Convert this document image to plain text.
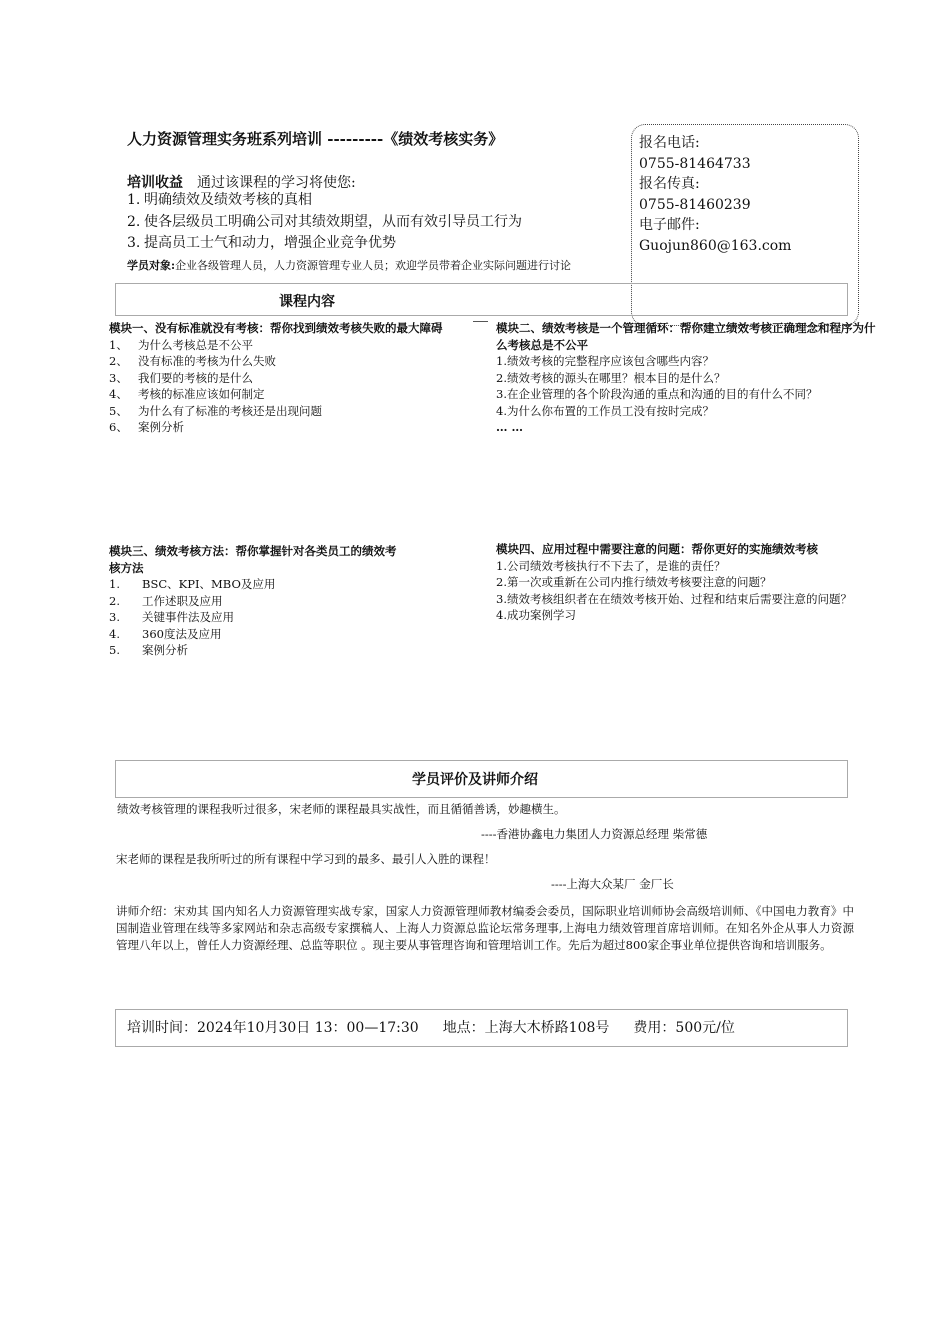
人力资源管理实务班系列培训 ---------《绩效考核实务》	报名电话:
0755-81464733
报名传真:
0755-81460239
电子邮件:
Guojun860@163.com
培训收益 通过该课程的学习将使您:
1. 明确绩效及绩效考核的真相
2. 使各层级员工明确公司对其绩效期望，从而有效引导员工行为
3. 提高员工士气和动力，增强企业竞争优势
学员对象:企业各级管理人员，人力资源管理专业人员；欢迎学员带着企业实际问题进行讨论
课程内容
模块一、没有标准就没有考核：帮你找到绩效考核失败的最大障碍
1、 为什么考核总是不公平
2、 没有标准的考核为什么失败
3、 我们要的考核的是什么
4、 考核的标准应该如何制定
5、 为什么有了标准的考核还是出现问题
6、 案例分析
模块二、绩效考核是一个管理循环：帮你建立绩效考核正确理念和程序为什么考核总是不公平
1.绩效考核的完整程序应该包含哪些内容？
2.绩效考核的源头在哪里？根本目的是什么？
3.在企业管理的各个阶段沟通的重点和沟通的目的有什么不同？
4.为什么你布置的工作员工没有按时完成？
… …
模块三、绩效考核方法：帮你掌握针对各类员工的绩效考核方法
1. BSC、KPI、MBO及应用
2. 工作述职及应用
3. 关键事件法及应用
4. 360度法及应用
5. 案例分析
模块四、应用过程中需要注意的问题：帮你更好的实施绩效考核
1.公司绩效考核执行不下去了，是谁的责任？
2.第一次或重新在公司内推行绩效考核要注意的问题？
3.绩效考核组织者在在绩效考核开始、过程和结束后需要注意的问题？
4.成功案例学习
学员评价及讲师介绍
绩效考核管理的课程我听过很多，宋老师的课程最具实战性，而且循循善诱，妙趣横生。
----香港协鑫电力集团人力资源总经理 柴常德
宋老师的课程是我所听过的所有课程中学习到的最多、最引人入胜的课程！
----上海大众某厂 金厂长
讲师介绍：宋劝其 国内知名人力资源管理实战专家，国家人力资源管理师教材编委会委员，国际职业培训师协会高级培训师、《中国电力教育》中国制造业管理在线等多家网站和杂志高级专家撰稿人、上海人力资源总监论坛常务理事,上海电力绩效管理首席培训师。在知名外企从事人力资源管理八年以上，曾任人力资源经理、总监等职位 。现主要从事管理咨询和管理培训工作。先后为超过800家企事业单位提供咨询和培训服务。
培训时间：2024年10月30日 13：00—17:30 地点：上海大木桥路108号 费用：500元/位
